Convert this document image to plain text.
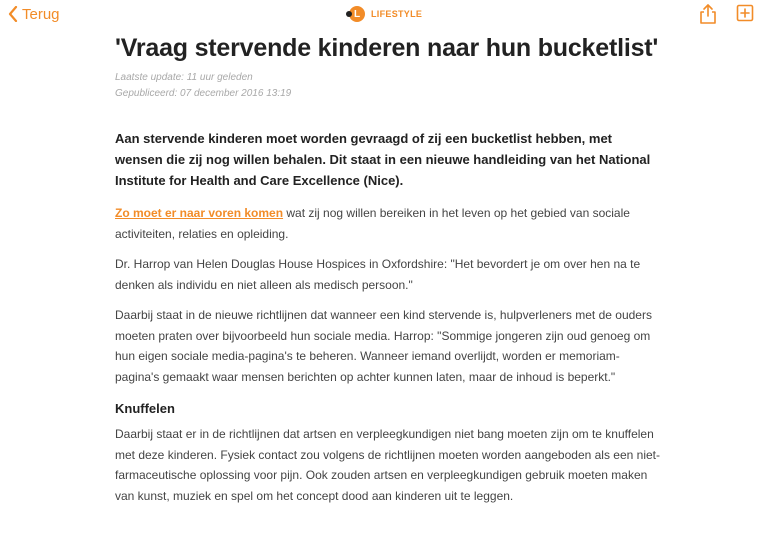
Terug	L LIFESTYLE
'Vraag stervende kinderen naar hun bucketlist'
Laatste update: 11 uur geleden
Gepubliceerd: 07 december 2016 13:19
Aan stervende kinderen moet worden gevraagd of zij een bucketlist hebben, met wensen die zij nog willen behalen. Dit staat in een nieuwe handleiding van het National Institute for Health and Care Excellence (Nice).

Zo moet er naar voren komen wat zij nog willen bereiken in het leven op het gebied van sociale activiteiten, relaties en opleiding.

Dr. Harrop van Helen Douglas House Hospices in Oxfordshire: "Het bevordert je om over hen na te denken als individu en niet alleen als medisch persoon."

Daarbij staat in de nieuwe richtlijnen dat wanneer een kind stervende is, hulpverleners met de ouders moeten praten over bijvoorbeeld hun sociale media. Harrop: "Sommige jongeren zijn oud genoeg om hun eigen sociale media-pagina's te beheren. Wanneer iemand overlijdt, worden er memoriam-pagina's gemaakt waar mensen berichten op achter kunnen laten, maar de inhoud is beperkt."

Knuffelen

Daarbij staat er in de richtlijnen dat artsen en verpleegkundigen niet bang moeten zijn om te knuffelen met deze kinderen. Fysiek contact zou volgens de richtlijnen moeten worden aangeboden als een niet-farmaceutische oplossing voor pijn. Ook zouden artsen en verpleegkundigen gebruik moeten maken van kunst, muziek en spel om het concept dood aan kinderen uit te leggen.
